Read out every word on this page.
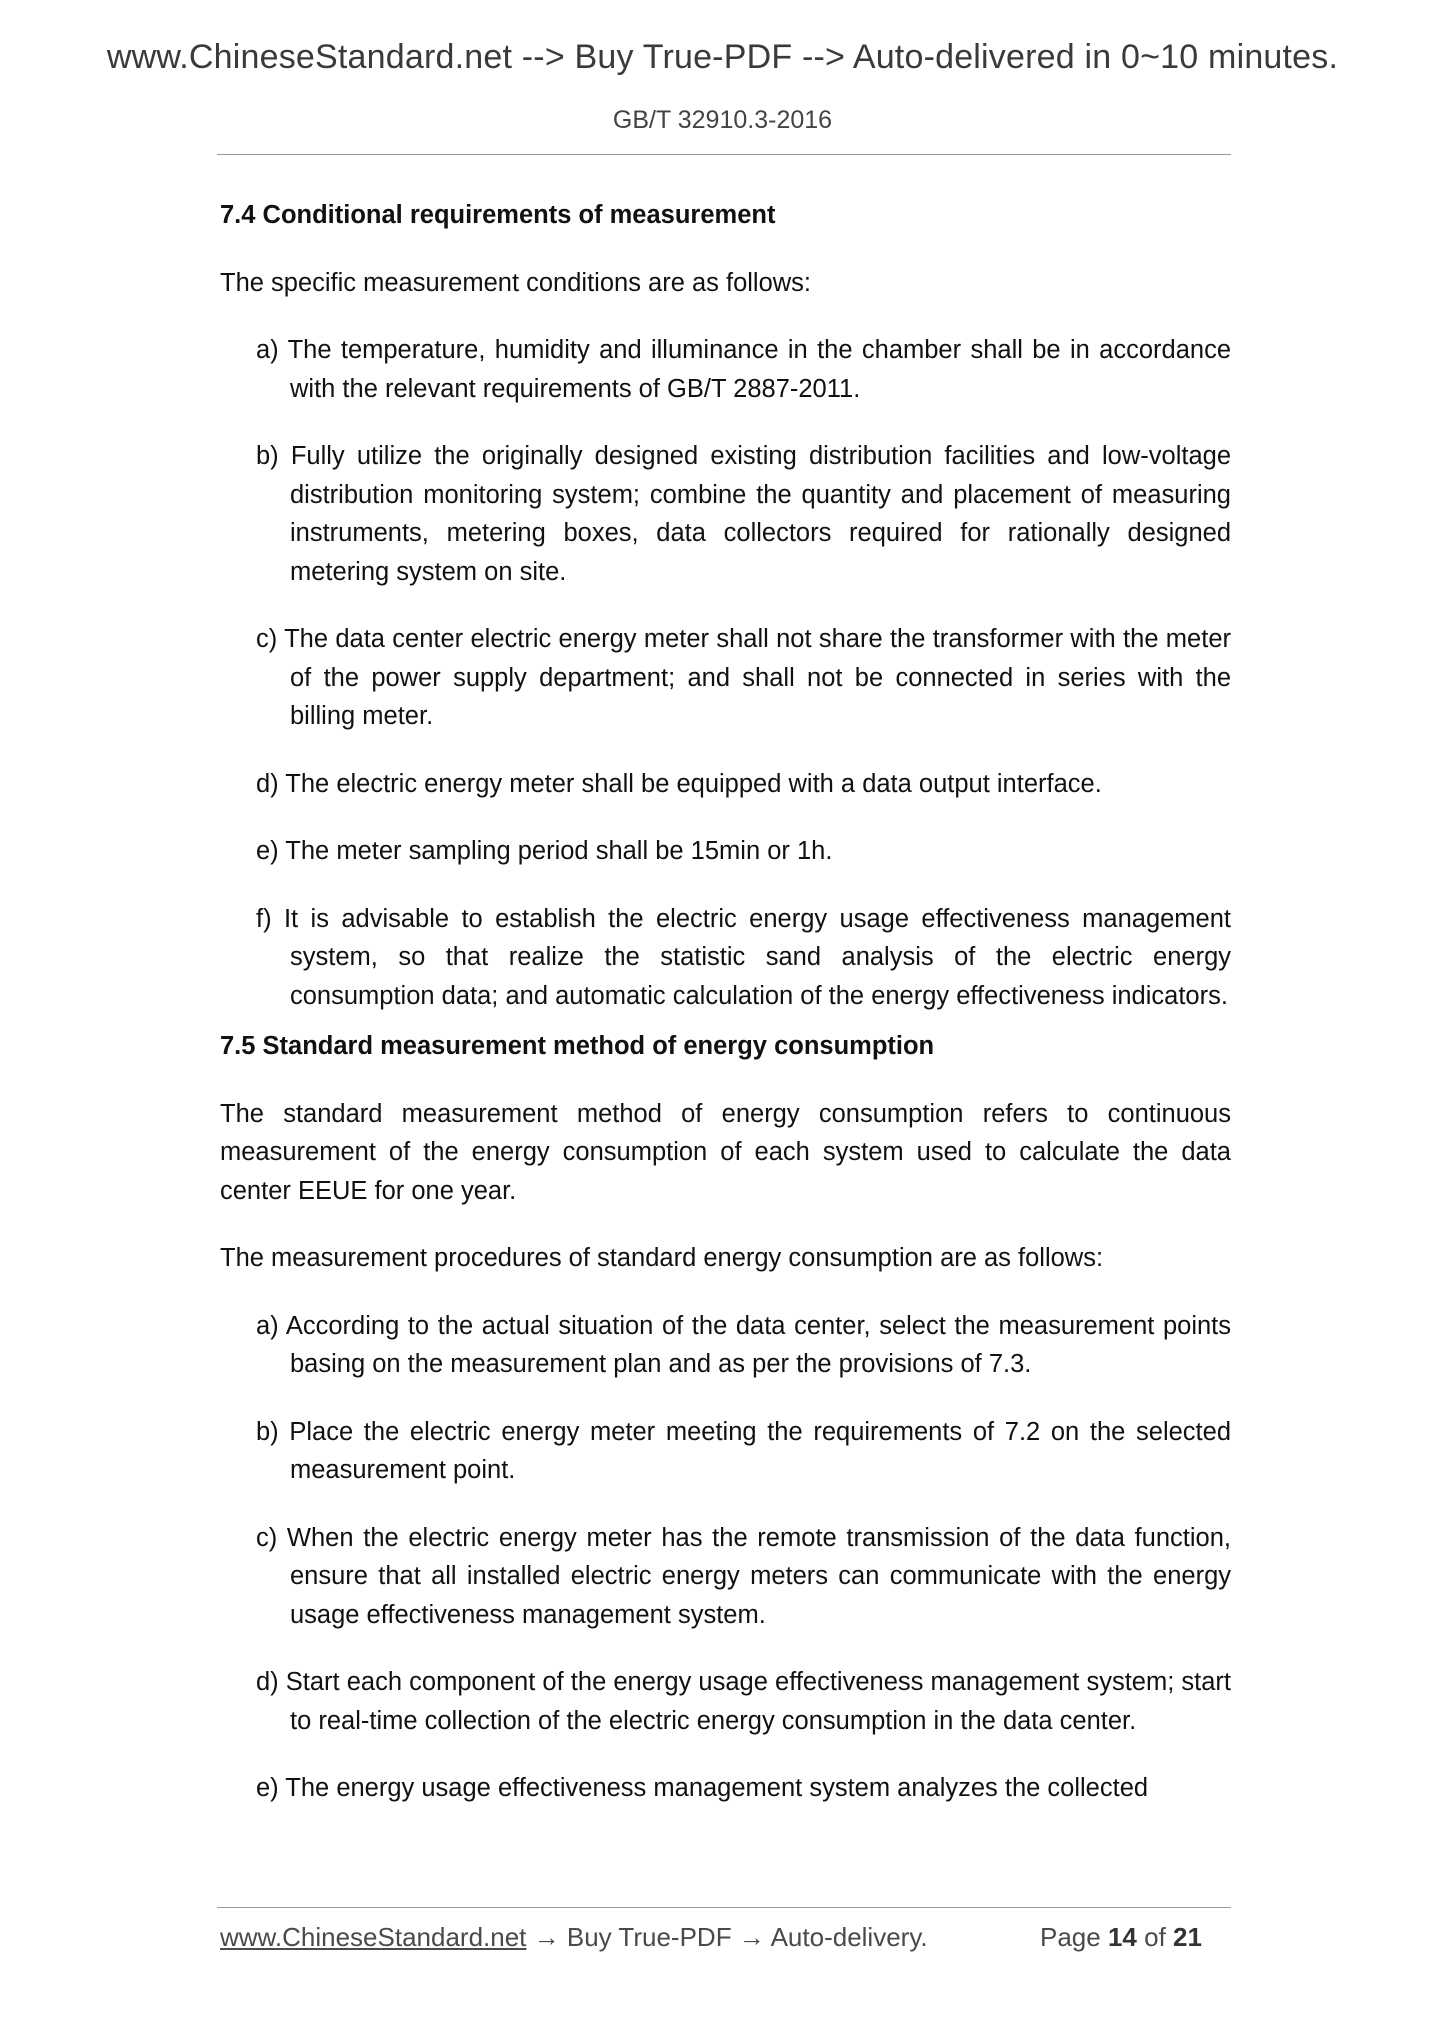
www.ChineseStandard.net --> Buy True-PDF --> Auto-delivered in 0~10 minutes.
GB/T 32910.3-2016
7.4 Conditional requirements of measurement

The specific measurement conditions are as follows:

a) The temperature, humidity and illuminance in the chamber shall be in accordance with the relevant requirements of GB/T 2887-2011.
b) Fully utilize the originally designed existing distribution facilities and low-voltage distribution monitoring system; combine the quantity and placement of measuring instruments, metering boxes, data collectors required for rationally designed metering system on site.
c) The data center electric energy meter shall not share the transformer with the meter of the power supply department; and shall not be connected in series with the billing meter.
d) The electric energy meter shall be equipped with a data output interface.
e) The meter sampling period shall be 15min or 1h.
f) It is advisable to establish the electric energy usage effectiveness management system, so that realize the statistic sand analysis of the electric energy consumption data; and automatic calculation of the energy effectiveness indicators.
7.5 Standard measurement method of energy consumption

The standard measurement method of energy consumption refers to continuous measurement of the energy consumption of each system used to calculate the data center EEUE for one year.

The measurement procedures of standard energy consumption are as follows:

a) According to the actual situation of the data center, select the measurement points basing on the measurement plan and as per the provisions of 7.3.
b) Place the electric energy meter meeting the requirements of 7.2 on the selected measurement point.
c) When the electric energy meter has the remote transmission of the data function, ensure that all installed electric energy meters can communicate with the energy usage effectiveness management system.
d) Start each component of the energy usage effectiveness management system; start to real-time collection of the electric energy consumption in the data center.
e) The energy usage effectiveness management system analyzes the collected
www.ChineseStandard.net → Buy True-PDF → Auto-delivery.	Page 14 of 21
